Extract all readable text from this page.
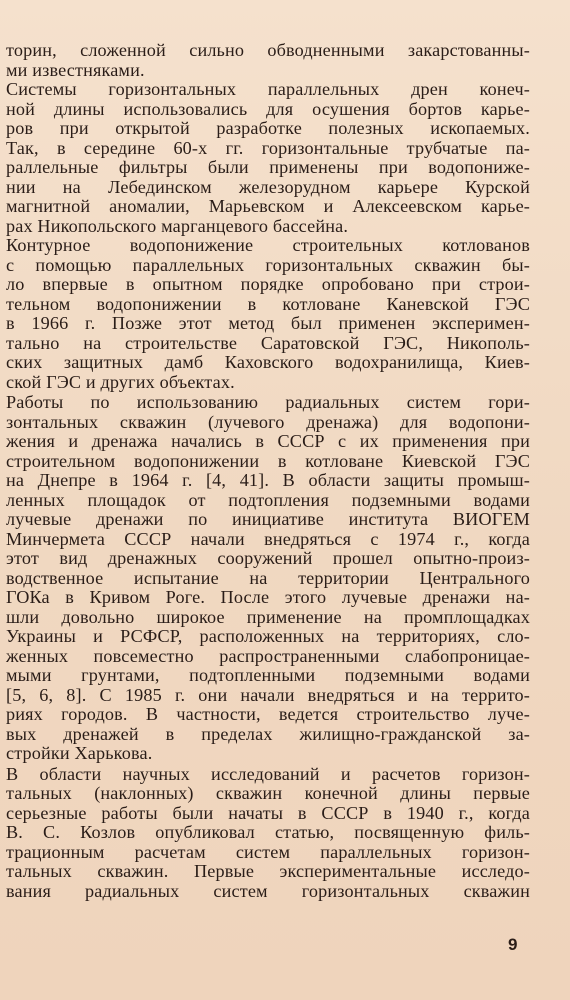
торин, сложенной сильно обводненными закарстованны-
ми известняками.
Системы горизонтальных параллельных дрен конеч-
ной длины использовались для осушения бортов карье-
ров при открытой разработке полезных ископаемых.
Так, в середине 60-х гг. горизонтальные трубчатые па-
раллельные фильтры были применены при водопониже-
нии на Лебединском железорудном карьере Курской
магнитной аномалии, Марьевском и Алексеевском карье-
рах Никопольского марганцевого бассейна.
Контурное водопонижение строительных котлованов
с помощью параллельных горизонтальных скважин бы-
ло впервые в опытном порядке опробовано при строи-
тельном водопонижении в котловане Каневской ГЭС
в 1966 г. Позже этот метод был применен эксперимен-
тально на строительстве Саратовской ГЭС, Никополь-
ских защитных дамб Каховского водохранилища, Киев-
ской ГЭС и других объектах.
Работы по использованию радиальных систем гори-
зонтальных скважин (лучевого дренажа) для водопони-
жения и дренажа начались в СССР с их применения при
строительном водопонижении в котловане Киевской ГЭС
на Днепре в 1964 г. [4, 41]. В области защиты промыш-
ленных площадок от подтопления подземными водами
лучевые дренажи по инициативе института ВИОГЕМ
Минчермета СССР начали внедряться с 1974 г., когда
этот вид дренажных сооружений прошел опытно-произ-
водственное испытание на территории Центрального
ГОКа в Кривом Роге. После этого лучевые дренажи на-
шли довольно широкое применение на промплощадках
Украины и РСФСР, расположенных на территориях, сло-
женных повсеместно распространенными слабопроницае-
мыми грунтами, подтопленными подземными водами
[5, 6, 8]. С 1985 г. они начали внедряться и на террито-
риях городов. В частности, ведется строительство луче-
вых дренажей в пределах жилищно-гражданской за-
стройки Харькова.
В области научных исследований и расчетов горизон-
тальных (наклонных) скважин конечной длины первые
серьезные работы были начаты в СССР в 1940 г., когда
В. С. Козлов опубликовал статью, посвященную филь-
трационным расчетам систем параллельных горизон-
тальных скважин. Первые экспериментальные исследо-
вания радиальных систем горизонтальных скважин
9
